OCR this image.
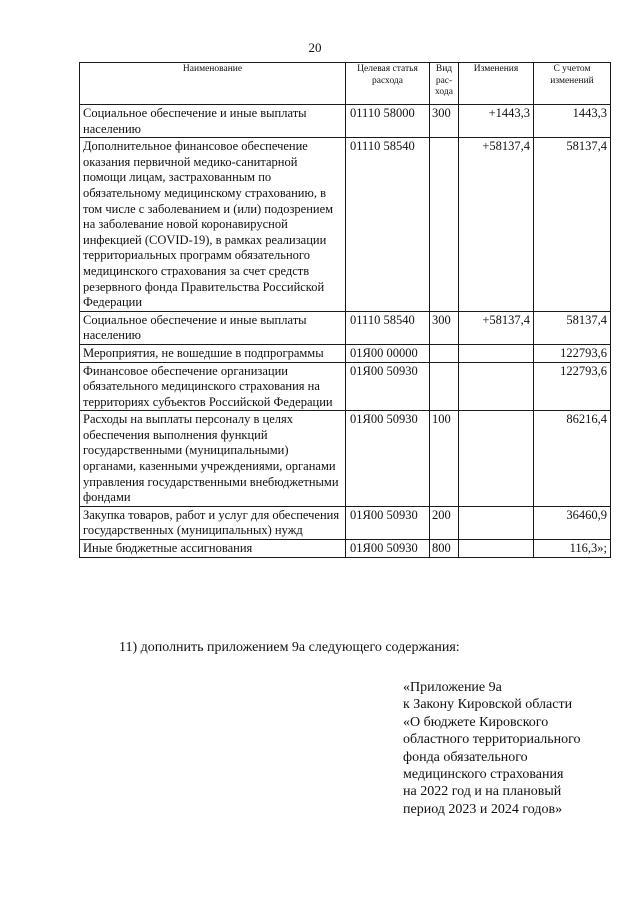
20
Наименование	Целевая статья расхода	Вид рас-хода	Изменения	С учетом изменений
Социальное обеспечение и иные выплаты населению	01110 58000	300	+1443,3	1443,3
Дополнительное финансовое обеспечение оказания первичной медико-санитарной помощи лицам, застрахованным по обязательному медицинскому страхованию, в том числе с заболеванием и (или) подозрением на заболевание новой коронавирусной инфекцией (COVID-19), в рамках реализации территориальных программ обязательного медицинского страхования за счет средств резервного фонда Правительства Российской Федерации	01110 58540		+58137,4	58137,4
Социальное обеспечение и иные выплаты населению	01110 58540	300	+58137,4	58137,4
Мероприятия, не вошедшие в подпрограммы	01Я00 00000			122793,6
Финансовое обеспечение организации обязательного медицинского страхования на территориях субъектов Российской Федерации	01Я00 50930			122793,6
Расходы на выплаты персоналу в целях обеспечения выполнения функций государственными (муниципальными) органами, казенными учреждениями, органами управления государственными внебюджетными фондами	01Я00 50930	100		86216,4
Закупка товаров, работ и услуг для обеспечения государственных (муниципальных) нужд	01Я00 50930	200		36460,9
Иные бюджетные ассигнования	01Я00 50930	800		116,3»;
11) дополнить приложением 9а следующего содержания:
«Приложение 9а
к Закону Кировской области
«О бюджете Кировского
областного территориального
фонда обязательного
медицинского страхования
на 2022 год и на плановый
период 2023 и 2024 годов»
